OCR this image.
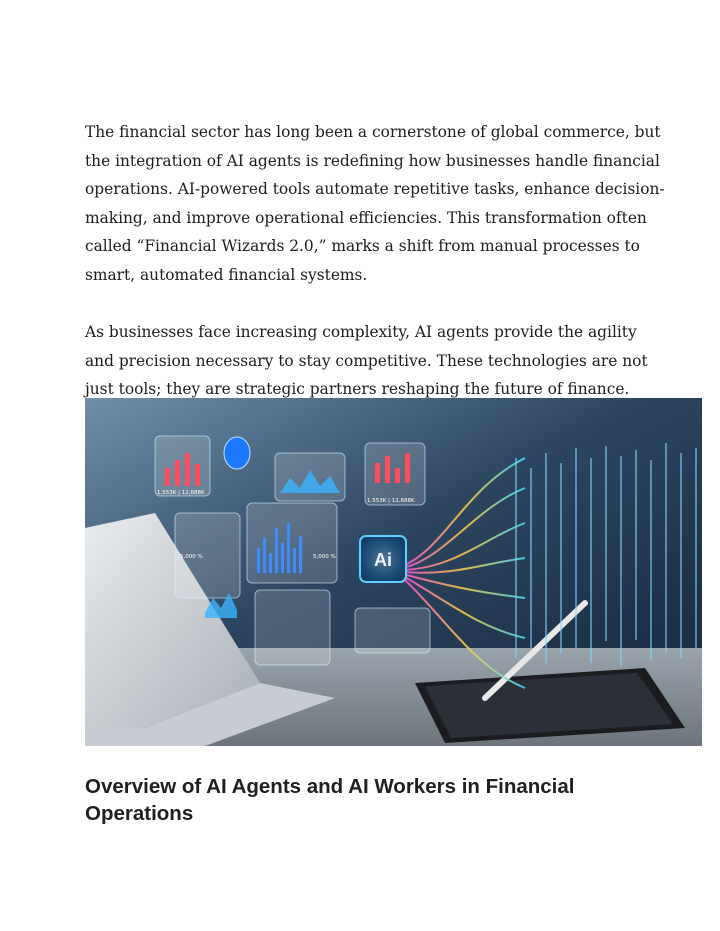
The financial sector has long been a cornerstone of global commerce, but the integration of AI agents is redefining how businesses handle financial operations. AI-powered tools automate repetitive tasks, enhance decision-making, and improve operational efficiencies. This transformation often called “Financial Wizards 2.0,” marks a shift from manual processes to smart, automated financial systems.

As businesses face increasing complexity, AI agents provide the agility and precision necessary to stay competitive. These technologies are not just tools; they are strategic partners reshaping the future of finance.

Ai
1.553K | 12,688K
1.553K | 12,688K
5,000 %	5,000 %
Overview of AI Agents and AI Workers in Financial Operations
